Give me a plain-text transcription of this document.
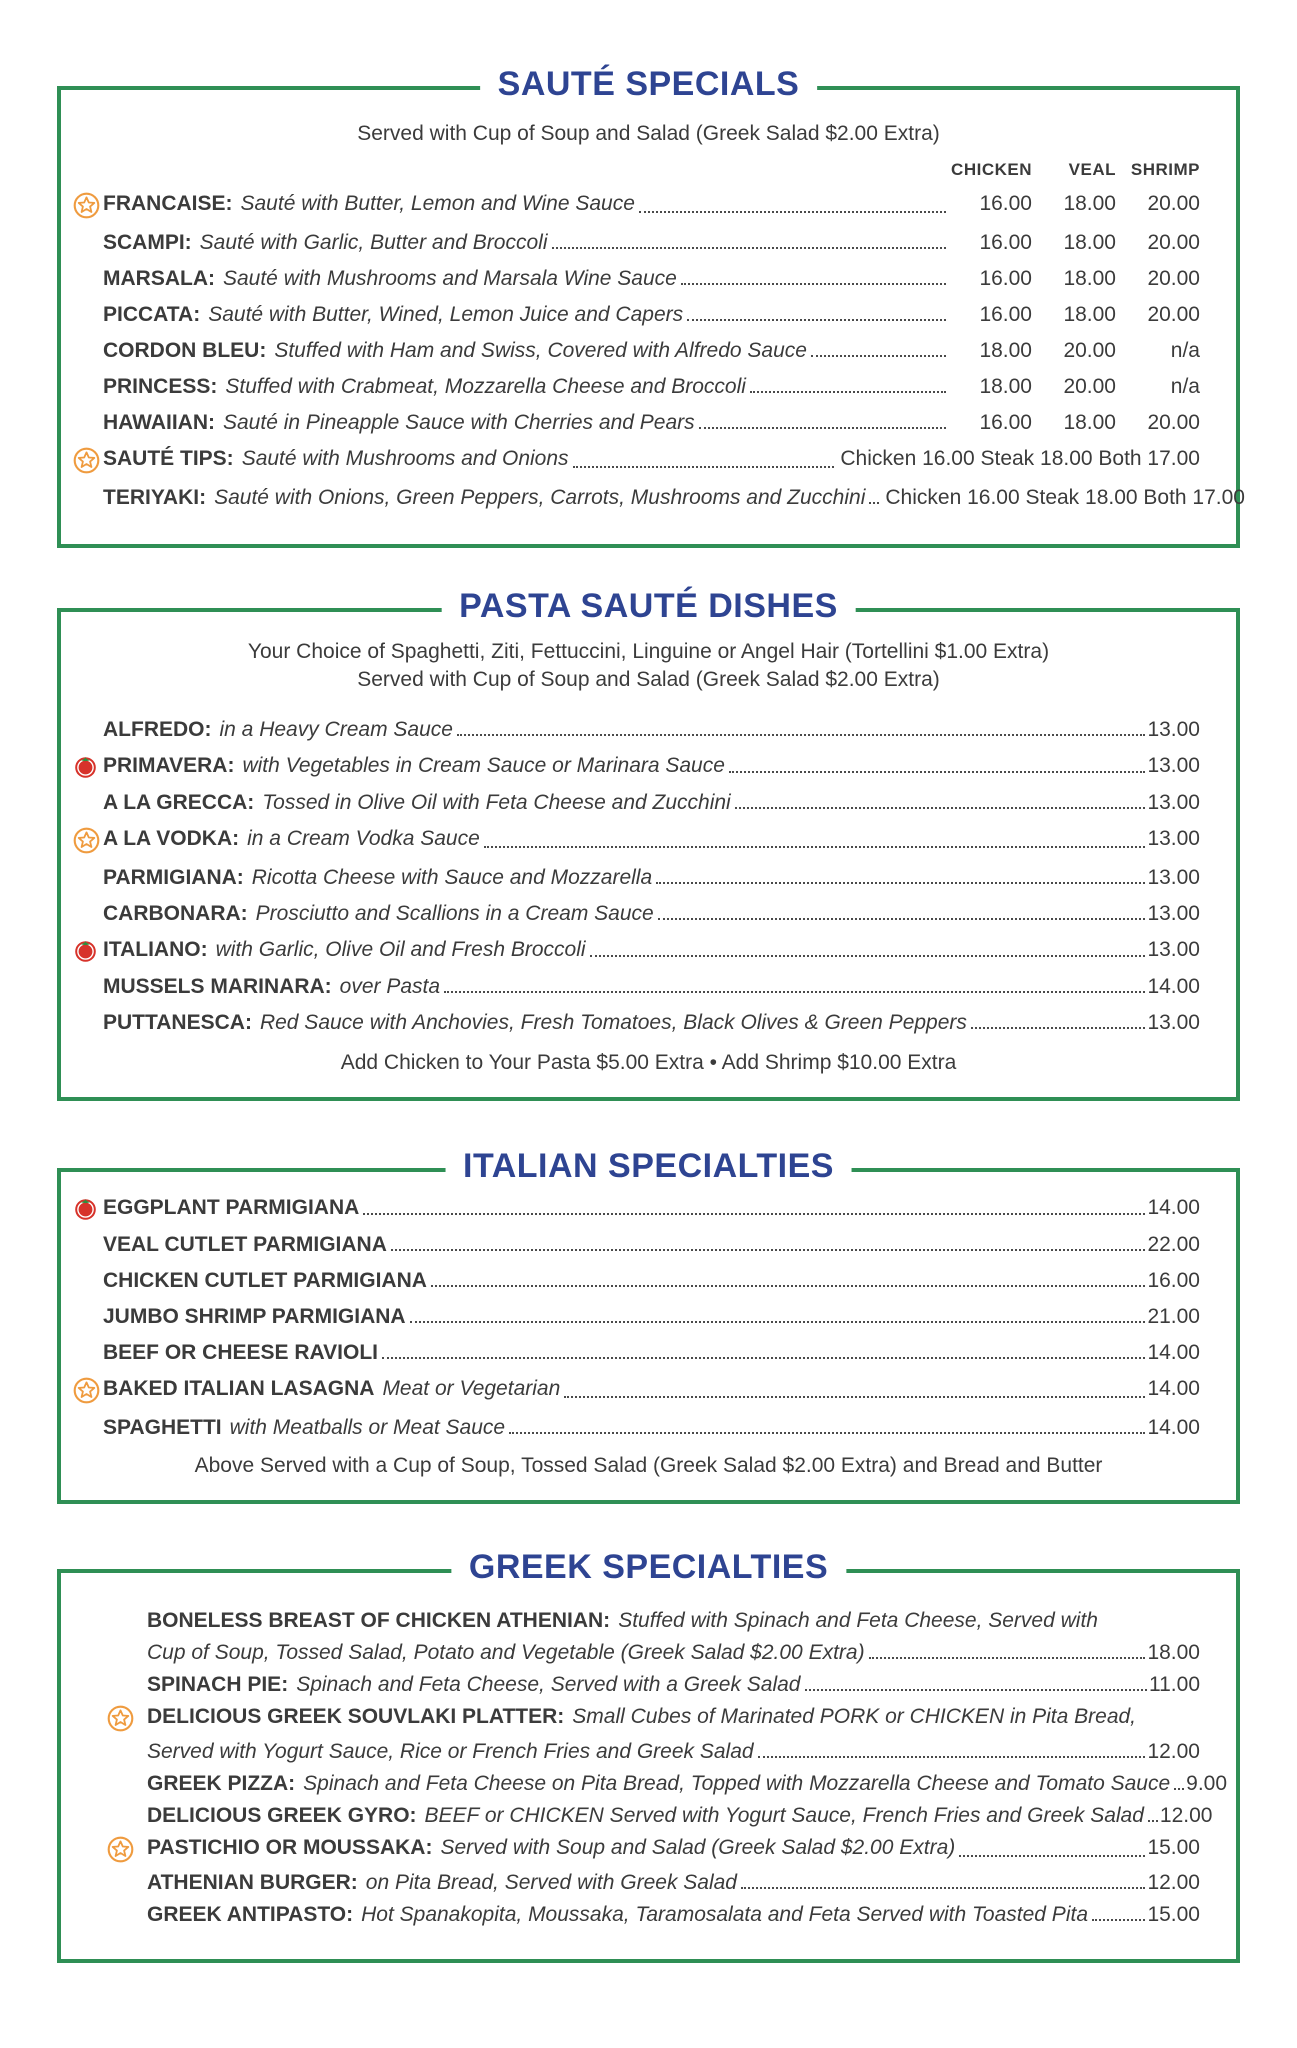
SAUTÉ SPECIALS
Served with Cup of Soup and Salad (Greek Salad $2.00 Extra)
CHICKEN	VEAL SHRIMP
FRANCAISE: Sauté with Butter, Lemon and Wine Sauce	16.00	18.00	20.00
SCAMPI: Sauté with Garlic, Butter and Broccoli	16.00	18.00	20.00
MARSALA: Sauté with Mushrooms and Marsala Wine Sauce	16.00	18.00	20.00
PICCATA: Sauté with Butter, Wined, Lemon Juice and Capers	16.00	18.00	20.00
CORDON BLEU: Stuffed with Ham and Swiss, Covered with Alfredo Sauce	18.00	20.00	n/a
PRINCESS: Stuffed with Crabmeat, Mozzarella Cheese and Broccoli	18.00	20.00	n/a
HAWAIIAN: Sauté in Pineapple Sauce with Cherries and Pears	16.00	18.00	20.00
SAUTÉ TIPS: Sauté with Mushrooms and Onions	Chicken 16.00 Steak 18.00 Both 17.00
TERIYAKI: Sauté with Onions, Green Peppers, Carrots, Mushrooms and Zucchini Chicken 16.00 Steak 18.00 Both 17.00
PASTA SAUTÉ DISHES
Your Choice of Spaghetti, Ziti, Fettuccini, Linguine or Angel Hair (Tortellini $1.00 Extra)
Served with Cup of Soup and Salad (Greek Salad $2.00 Extra)
ALFREDO: in a Heavy Cream Sauce	13.00
PRIMAVERA: with Vegetables in Cream Sauce or Marinara Sauce	13.00
A LA GRECCA: Tossed in Olive Oil with Feta Cheese and Zucchini	13.00
A LA VODKA: in a Cream Vodka Sauce	13.00
PARMIGIANA: Ricotta Cheese with Sauce and Mozzarella	13.00
CARBONARA: Prosciutto and Scallions in a Cream Sauce	13.00
ITALIANO: with Garlic, Olive Oil and Fresh Broccoli	13.00
MUSSELS MARINARA: over Pasta	14.00
PUTTANESCA: Red Sauce with Anchovies, Fresh Tomatoes, Black Olives & Green Peppers	13.00
Add Chicken to Your Pasta $5.00 Extra • Add Shrimp $10.00 Extra
ITALIAN SPECIALTIES
EGGPLANT PARMIGIANA	14.00
VEAL CUTLET PARMIGIANA	22.00
CHICKEN CUTLET PARMIGIANA	16.00
JUMBO SHRIMP PARMIGIANA	21.00
BEEF OR CHEESE RAVIOLI	14.00
BAKED ITALIAN LASAGNA Meat or Vegetarian	14.00
SPAGHETTI with Meatballs or Meat Sauce	14.00
Above Served with a Cup of Soup, Tossed Salad (Greek Salad $2.00 Extra) and Bread and Butter
GREEK SPECIALTIES
BONELESS BREAST OF CHICKEN ATHENIAN: Stuffed with Spinach and Feta Cheese, Served with
Cup of Soup, Tossed Salad, Potato and Vegetable (Greek Salad $2.00 Extra)	18.00
SPINACH PIE: Spinach and Feta Cheese, Served with a Greek Salad	11.00
DELICIOUS GREEK SOUVLAKI PLATTER: Small Cubes of Marinated PORK or CHICKEN in Pita Bread,
Served with Yogurt Sauce, Rice or French Fries and Greek Salad	12.00
GREEK PIZZA: Spinach and Feta Cheese on Pita Bread, Topped with Mozzarella Cheese and Tomato Sauce 9.00
DELICIOUS GREEK GYRO: BEEF or CHICKEN Served with Yogurt Sauce, French Fries and Greek Salad 12.00
PASTICHIO OR MOUSSAKA: Served with Soup and Salad (Greek Salad $2.00 Extra)	15.00
ATHENIAN BURGER: on Pita Bread, Served with Greek Salad	12.00
GREEK ANTIPASTO: Hot Spanakopita, Moussaka, Taramosalata and Feta Served with Toasted Pita	15.00
